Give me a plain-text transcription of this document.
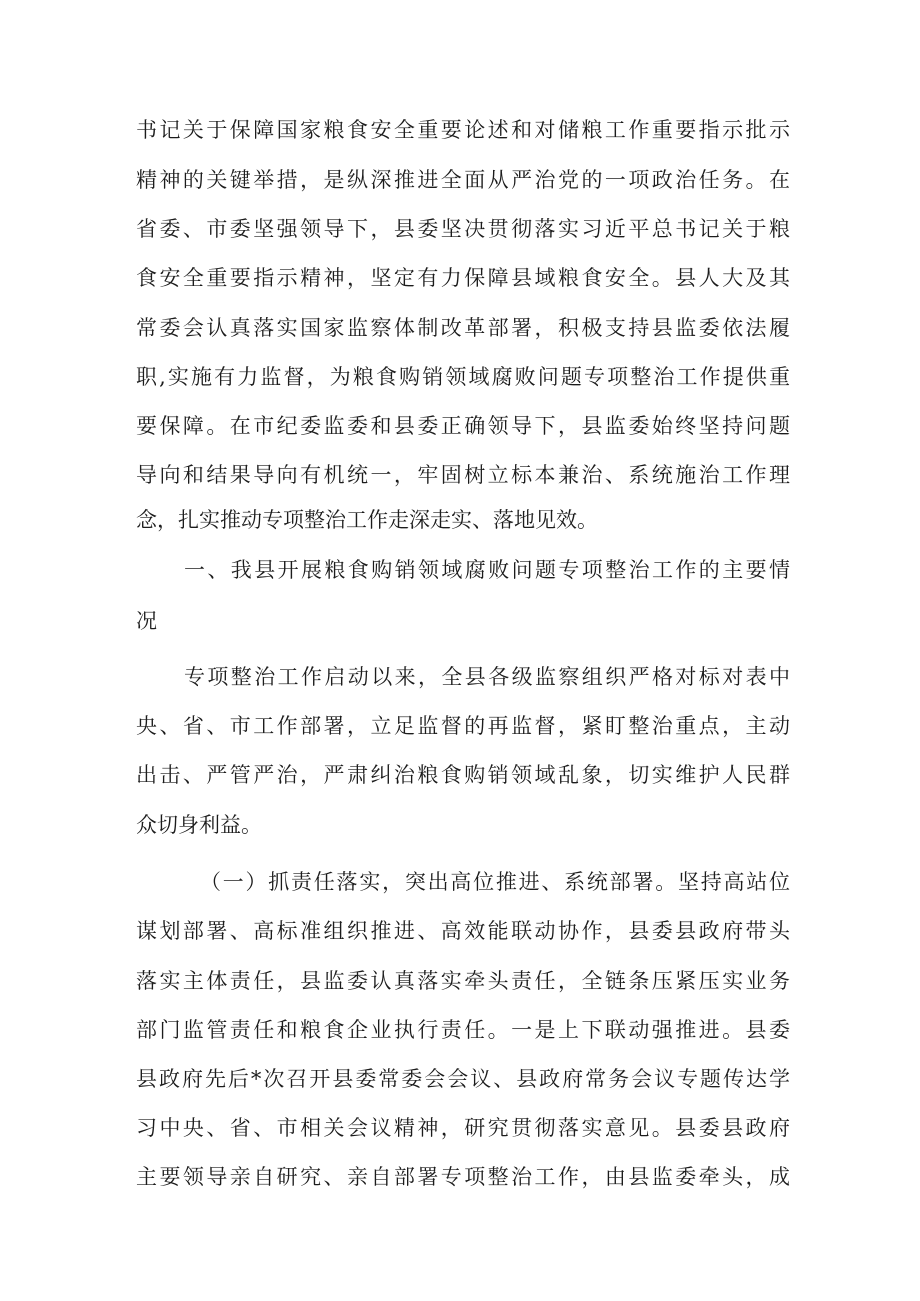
书记关于保障国家粮食安全重要论述和对储粮工作重要指示批示
精神的关键举措，是纵深推进全面从严治党的一项政治任务。在
省委、市委坚强领导下，县委坚决贯彻落实习近平总书记关于粮
食安全重要指示精神，坚定有力保障县域粮食安全。县人大及其
常委会认真落实国家监察体制改革部署，积极支持县监委依法履
职,实施有力监督，为粮食购销领域腐败问题专项整治工作提供重
要保障。在市纪委监委和县委正确领导下，县监委始终坚持问题
导向和结果导向有机统一，牢固树立标本兼治、系统施治工作理
念，扎实推动专项整治工作走深走实、落地见效。
一、我县开展粮食购销领域腐败问题专项整治工作的主要情
况
专项整治工作启动以来，全县各级监察组织严格对标对表中
央、省、市工作部署，立足监督的再监督，紧盯整治重点，主动
出击、严管严治，严肃纠治粮食购销领域乱象，切实维护人民群
众切身利益。
（一）抓责任落实，突出高位推进、系统部署。坚持高站位
谋划部署、高标准组织推进、高效能联动协作，县委县政府带头
落实主体责任，县监委认真落实牵头责任，全链条压紧压实业务
部门监管责任和粮食企业执行责任。一是上下联动强推进。县委
县政府先后*次召开县委常委会会议、县政府常务会议专题传达学
习中央、省、市相关会议精神，研究贯彻落实意见。县委县政府
主要领导亲自研究、亲自部署专项整治工作，由县监委牵头，成
